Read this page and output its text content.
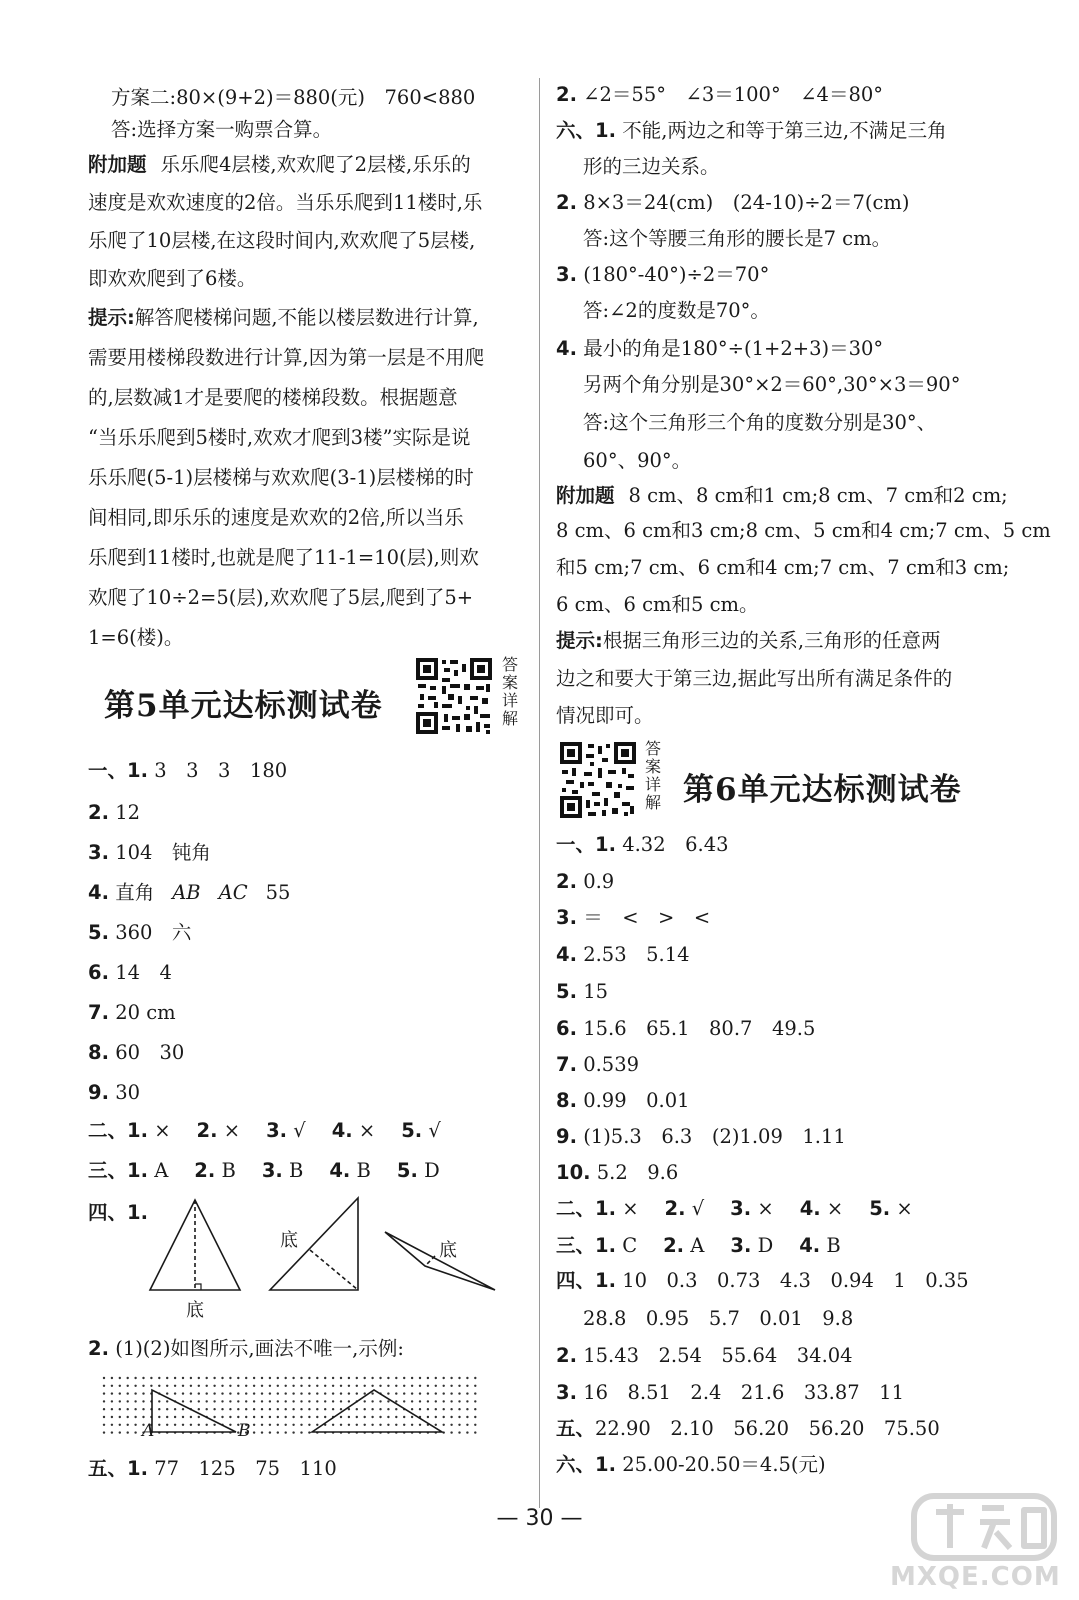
方案二:80×(9+2)＝880(元)　760<880
答:选择方案一购票合算。
附加题 乐乐爬4层楼,欢欢爬了2层楼,乐乐的
速度是欢欢速度的2倍。当乐乐爬到11楼时,乐
乐爬了10层楼,在这段时间内,欢欢爬了5层楼,
即欢欢爬到了6楼。
提示:解答爬楼梯问题,不能以楼层数进行计算,
需要用楼梯段数进行计算,因为第一层是不用爬
的,层数减1才是要爬的楼梯段数。根据题意
“当乐乐爬到5楼时,欢欢才爬到3楼”实际是说
乐乐爬(5-1)层楼梯与欢欢爬(3-1)层楼梯的时
间相同,即乐乐的速度是欢欢的2倍,所以当乐
乐爬到11楼时,也就是爬了11-1=10(层),则欢
欢爬了10÷2=5(层),欢欢爬了5层,爬到了5+
1=6(楼)。
第5单元达标测试卷
答案详解
一、1. 3　3　3　180
2. 12
3. 104　钝角
4. 直角 AB AC 55
5. 360　六
6. 14　4
7. 20 cm
8. 60　30
9. 30
二、1. × 2. × 3. √ 4. × 5. √
三、1. A 2. B 3. B 4. B 5. D
四、1.
底
底	底
2. (1)(2)如图所示,画法不唯一,示例:
A	B
五、1. 77　125　75　110
2. ∠2＝55°　∠3＝100°　∠4＝80°
六、1. 不能,两边之和等于第三边,不满足三角
形的三边关系。
2. 8×3＝24(cm)　(24-10)÷2＝7(cm)
答:这个等腰三角形的腰长是7 cm。
3. (180°-40°)÷2＝70°
答:∠2的度数是70°。
4. 最小的角是180°÷(1+2+3)＝30°
另两个角分别是30°×2＝60°,30°×3＝90°
答:这个三角形三个角的度数分别是30°、
60°、90°。
附加题 8 cm、8 cm和1 cm;8 cm、7 cm和2 cm;
8 cm、6 cm和3 cm;8 cm、5 cm和4 cm;7 cm、5 cm
和5 cm;7 cm、6 cm和4 cm;7 cm、7 cm和3 cm;
6 cm、6 cm和5 cm。
提示:根据三角形三边的关系,三角形的任意两
边之和要大于第三边,据此写出所有满足条件的
情况即可。
答案详解 第6单元达标测试卷
一、1. 4.32　6.43
2. 0.9
3. ＝　<　>　<
4. 2.53　5.14
5. 15
6. 15.6　65.1　80.7　49.5
7. 0.539
8. 0.99　0.01
9. (1)5.3　6.3　(2)1.09　1.11
10. 5.2　9.6
二、1. × 2. √ 3. × 4. × 5. ×
三、1. C 2. A 3. D 4. B
四、1. 10　0.3　0.73　4.3　0.94　1　0.35
28.8　0.95　5.7　0.01　9.8
2. 15.43　2.54　55.64　34.04
3. 16　8.51　2.4　21.6　33.87　11
五、22.90　2.10　56.20　56.20　75.50
六、1. 25.00-20.50＝4.5(元)
— 30 —
MXQE.COM
